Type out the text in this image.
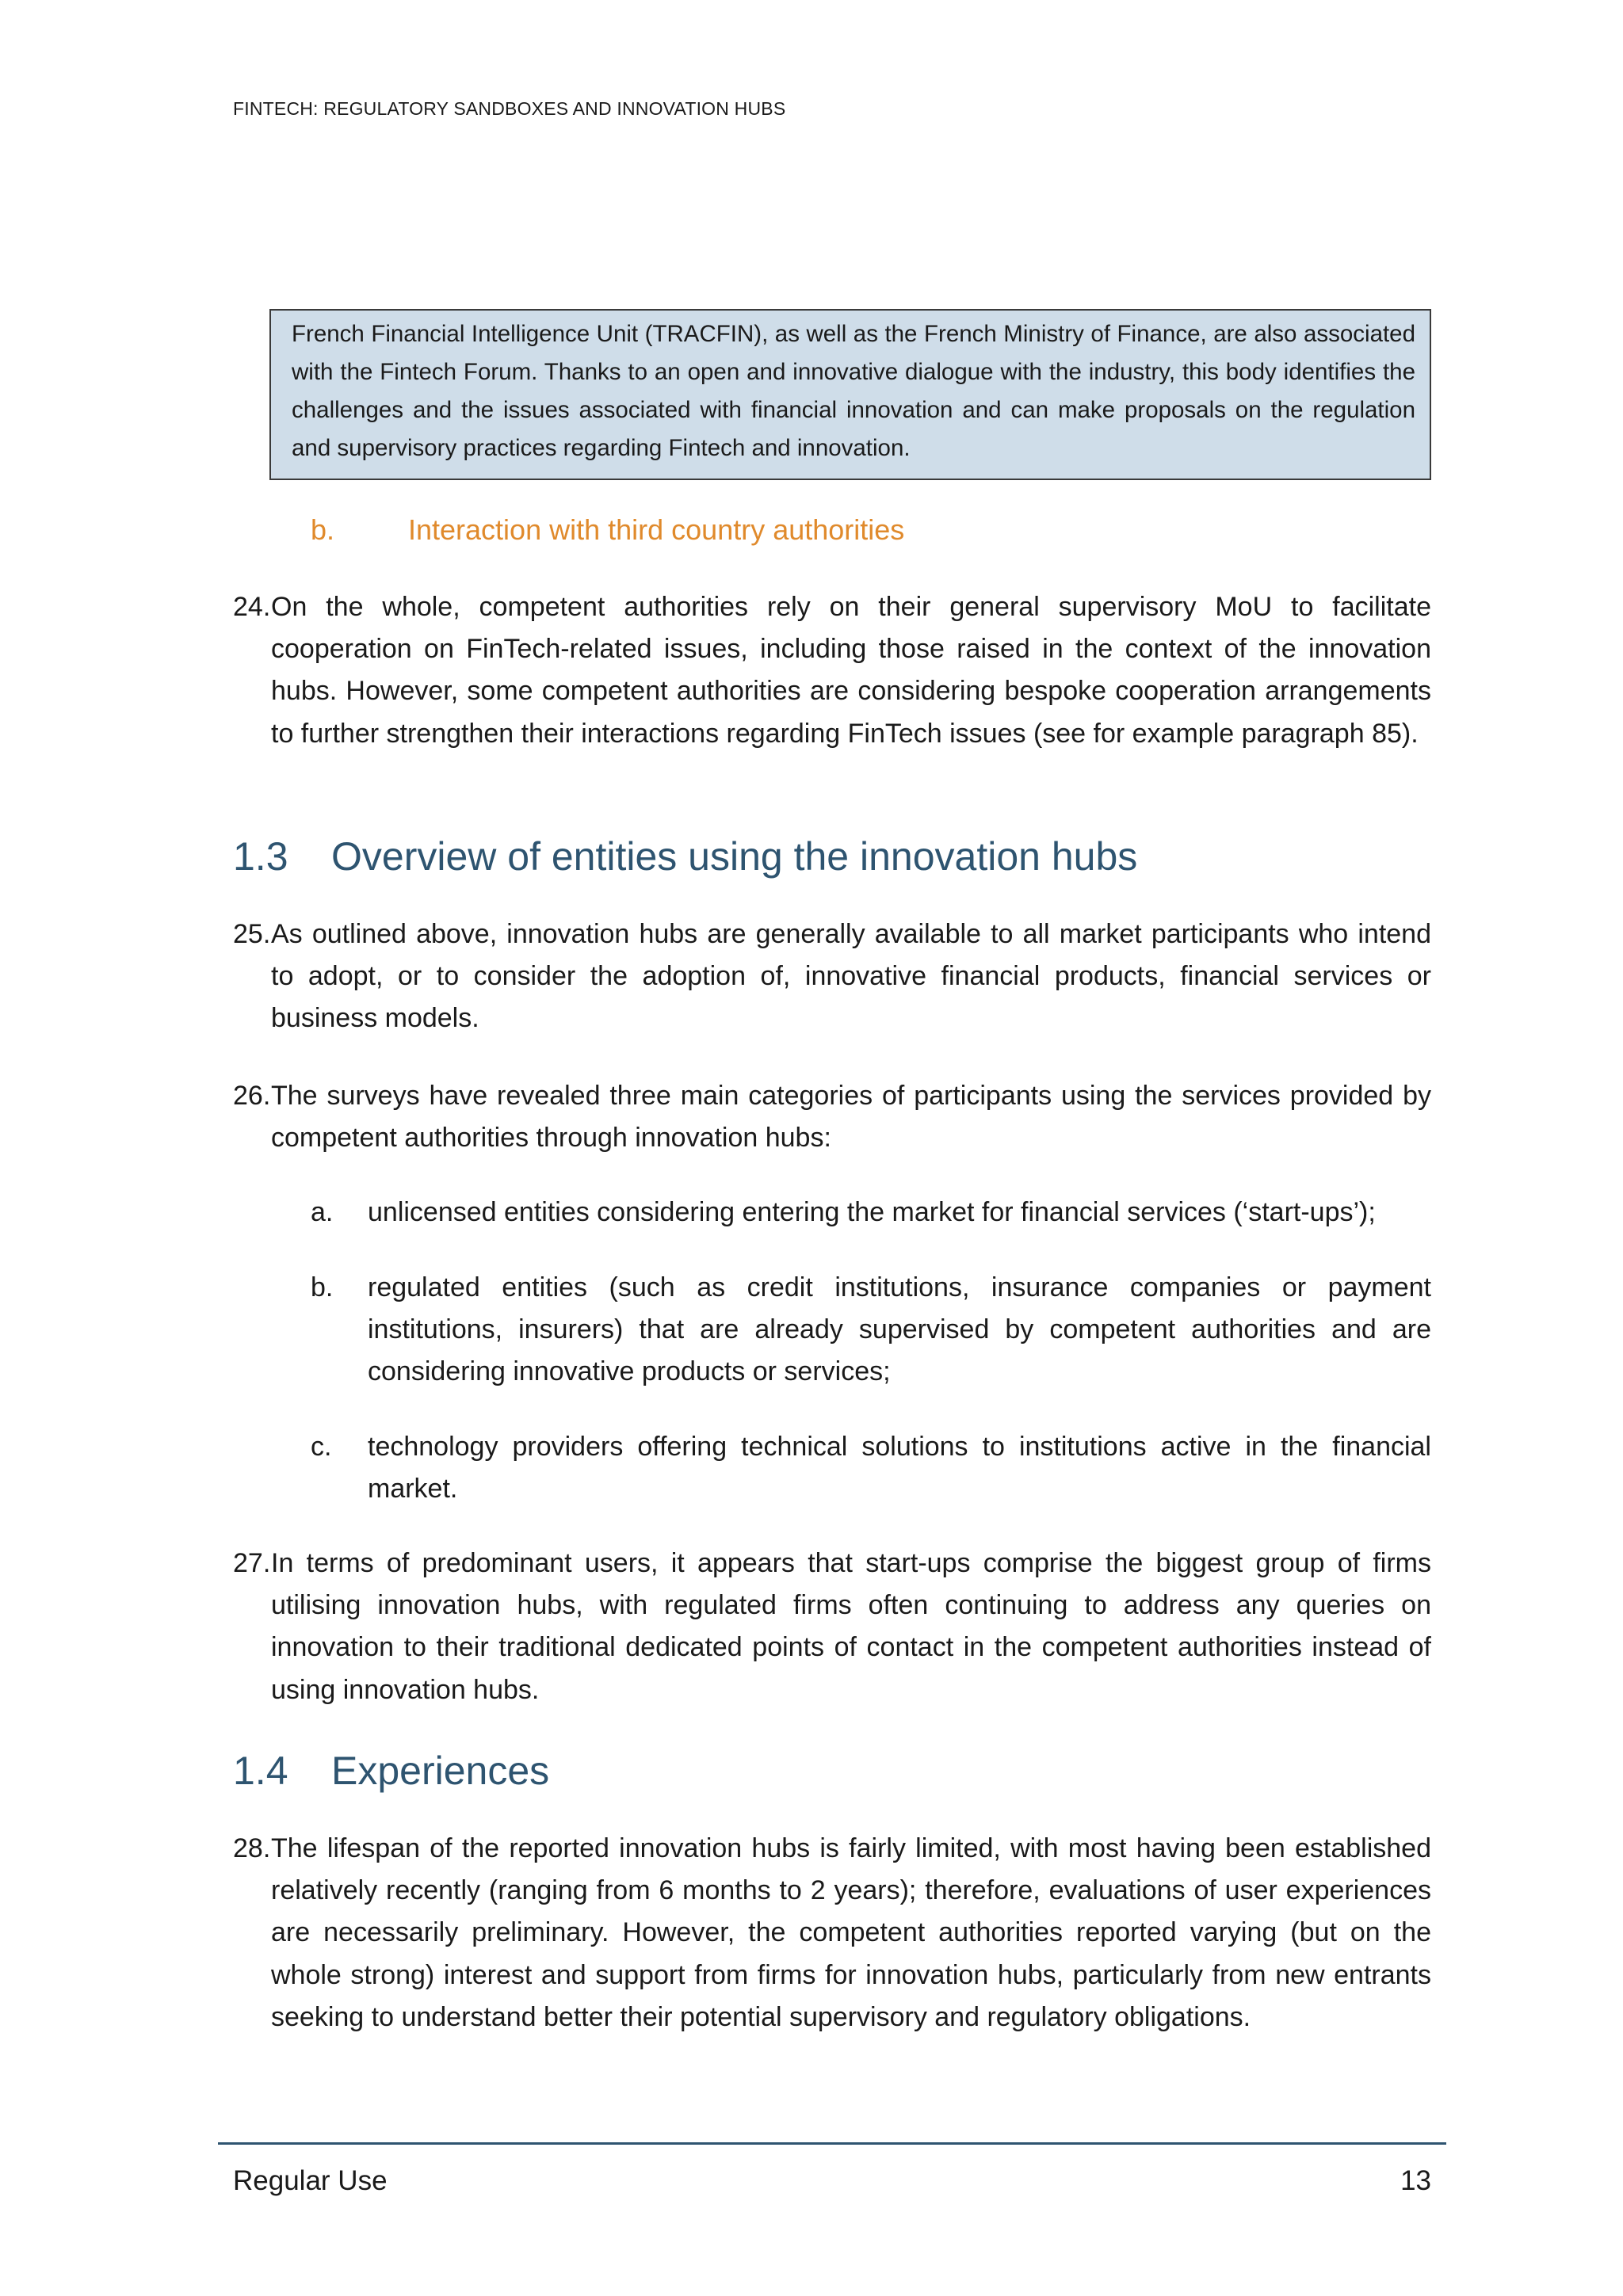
FINTECH: REGULATORY SANDBOXES AND INNOVATION HUBS

French Financial Intelligence Unit (TRACFIN), as well as the French Ministry of Finance, are also associated with the Fintech Forum. Thanks to an open and innovative dialogue with the industry, this body identifies the challenges and the issues associated with financial innovation and can make proposals on the regulation and supervisory practices regarding Fintech and innovation.

b.	Interaction with third country authorities
24. On the whole, competent authorities rely on their general supervisory MoU to facilitate cooperation on FinTech-related issues, including those raised in the context of the innovation hubs. However, some competent authorities are considering bespoke cooperation arrangements to further strengthen their interactions regarding FinTech issues (see for example paragraph 85).
1.3 Overview of entities using the innovation hubs
25. As outlined above, innovation hubs are generally available to all market participants who intend to adopt, or to consider the adoption of, innovative financial products, financial services or business models.
26. The surveys have revealed three main categories of participants using the services provided by competent authorities through innovation hubs:
a. unlicensed entities considering entering the market for financial services (‘start-ups’);
b. regulated entities (such as credit institutions, insurance companies or payment institutions, insurers) that are already supervised by competent authorities and are considering innovative products or services;
c. technology providers offering technical solutions to institutions active in the financial market.
27. In terms of predominant users, it appears that start-ups comprise the biggest group of firms utilising innovation hubs, with regulated firms often continuing to address any queries on innovation to their traditional dedicated points of contact in the competent authorities instead of using innovation hubs.
1.4 Experiences
28. The lifespan of the reported innovation hubs is fairly limited, with most having been established relatively recently (ranging from 6 months to 2 years); therefore, evaluations of user experiences are necessarily preliminary. However, the competent authorities reported varying (but on the whole strong) interest and support from firms for innovation hubs, particularly from new entrants seeking to understand better their potential supervisory and regulatory obligations.
Regular Use	13
